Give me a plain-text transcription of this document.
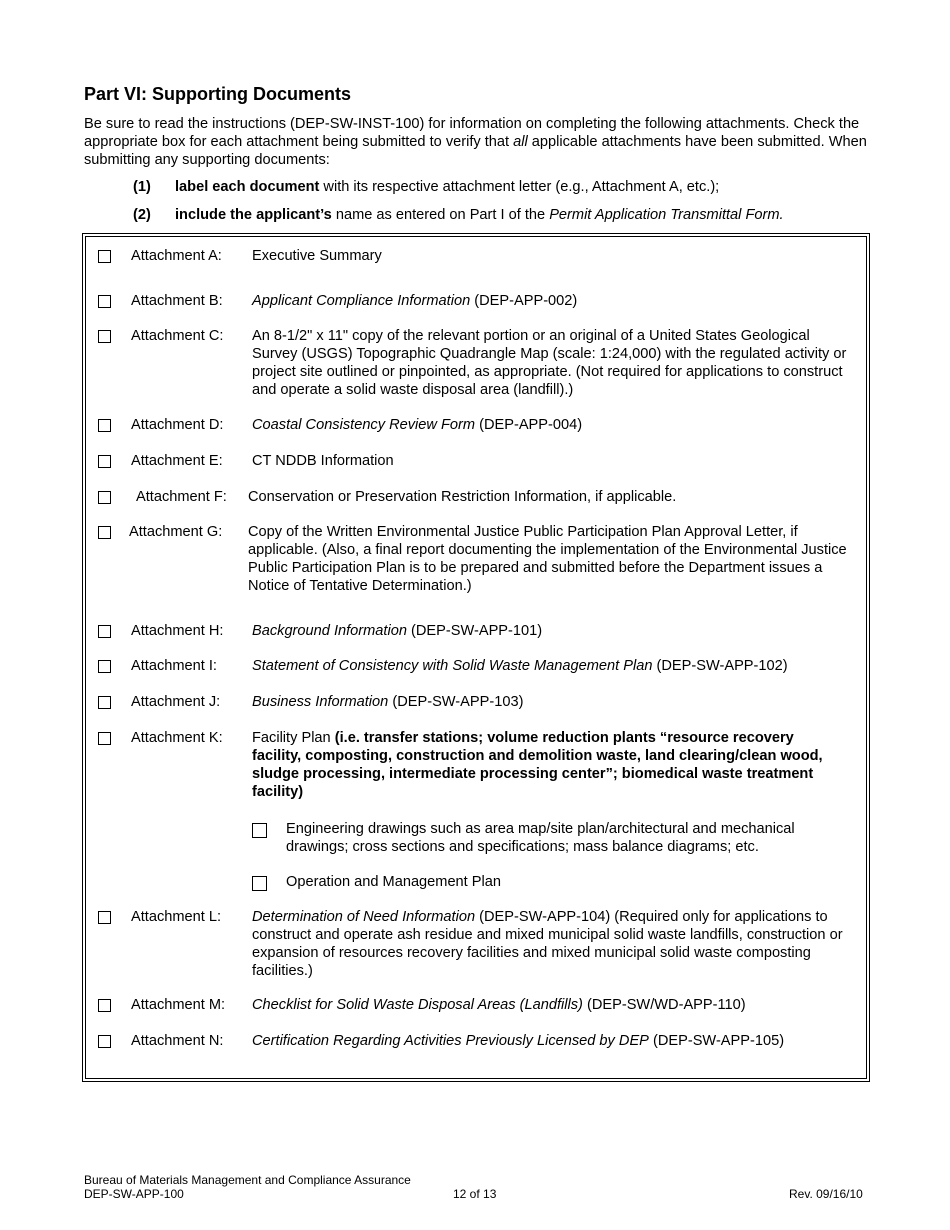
Part VI: Supporting Documents

Be sure to read the instructions (DEP-SW-INST-100) for information on completing the following attachments. Check the appropriate box for each attachment being submitted to verify that all applicable attachments have been submitted. When submitting any supporting documents:

(1) label each document with its respective attachment letter (e.g., Attachment A, etc.);
(2) include the applicant’s name as entered on Part I of the Permit Application Transmittal Form.
Attachment A: Executive Summary
Attachment B: Applicant Compliance Information (DEP-APP-002)
Attachment C: An 8-1/2" x 11" copy of the relevant portion or an original of a United States Geological Survey (USGS) Topographic Quadrangle Map (scale: 1:24,000) with the regulated activity or project site outlined or pinpointed, as appropriate. (Not required for applications to construct and operate a solid waste disposal area (landfill).)
Attachment D: Coastal Consistency Review Form (DEP-APP-004)
Attachment E: CT NDDB Information
Attachment F: Conservation or Preservation Restriction Information, if applicable.
Attachment G: Copy of the Written Environmental Justice Public Participation Plan Approval Letter, if applicable. (Also, a final report documenting the implementation of the Environmental Justice Public Participation Plan is to be prepared and submitted before the Department issues a Notice of Tentative Determination.)
Attachment H: Background Information (DEP-SW-APP-101)
Attachment I: Statement of Consistency with Solid Waste Management Plan (DEP-SW-APP-102)
Attachment J: Business Information (DEP-SW-APP-103)
Attachment K: Facility Plan (i.e. transfer stations; volume reduction plants “resource recovery facility, composting, construction and demolition waste, land clearing/clean wood, sludge processing, intermediate processing center”; biomedical waste treatment facility)
Engineering drawings such as area map/site plan/architectural and mechanical drawings; cross sections and specifications; mass balance diagrams; etc.
Operation and Management Plan
Attachment L: Determination of Need Information (DEP-SW-APP-104) (Required only for applications to construct and operate ash residue and mixed municipal solid waste landfills, construction or expansion of resources recovery facilities and mixed municipal solid waste composting facilities.)
Attachment M: Checklist for Solid Waste Disposal Areas (Landfills) (DEP-SW/WD-APP-110)
Attachment N: Certification Regarding Activities Previously Licensed by DEP (DEP-SW-APP-105)
Bureau of Materials Management and Compliance Assurance
DEP-SW-APP-100	12 of 13	Rev. 09/16/10
